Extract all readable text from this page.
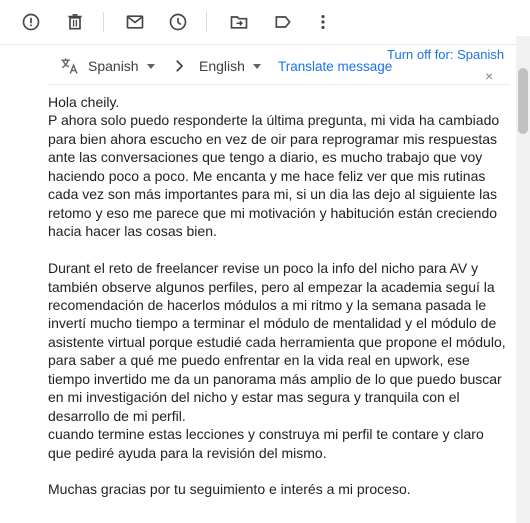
Spanish	English Translate message
Turn off for: Spanish
×

Hola cheily.

P ahora solo puedo responderte la última pregunta, mi vida ha cambiado para bien ahora escucho en vez de oir para reprogramar mis respuestas ante las conversaciones que tengo a diario, es mucho trabajo que voy haciendo poco a poco. Me encanta y me hace feliz ver que mis rutinas cada vez son más importantes para mi, si un dia las dejo al siguiente las retomo y eso me parece que mi motivación y habitución están creciendo hacia hacer las cosas bien.

Durant el reto de freelancer revise un poco la info del nicho para AV y también observe algunos perfiles, pero al empezar la academia seguí la recomendación de hacerlos módulos a mi ritmo y la semana pasada le invertí mucho tiempo a terminar el módulo de mentalidad y el módulo de asistente virtual porque estudié cada herramienta que propone el módulo, para saber a qué me puedo enfrentar en la vida real en upwork, ese tiempo invertido me da un panorama más amplio de lo que puedo buscar en mi investigación del nicho y estar mas segura y tranquila con el desarrollo de mi perfil.

cuando termine estas lecciones y construya mi perfil te contare y claro que pediré ayuda para la revisión del mismo.

Muchas gracias por tu seguimiento e interés a mi proceso.
